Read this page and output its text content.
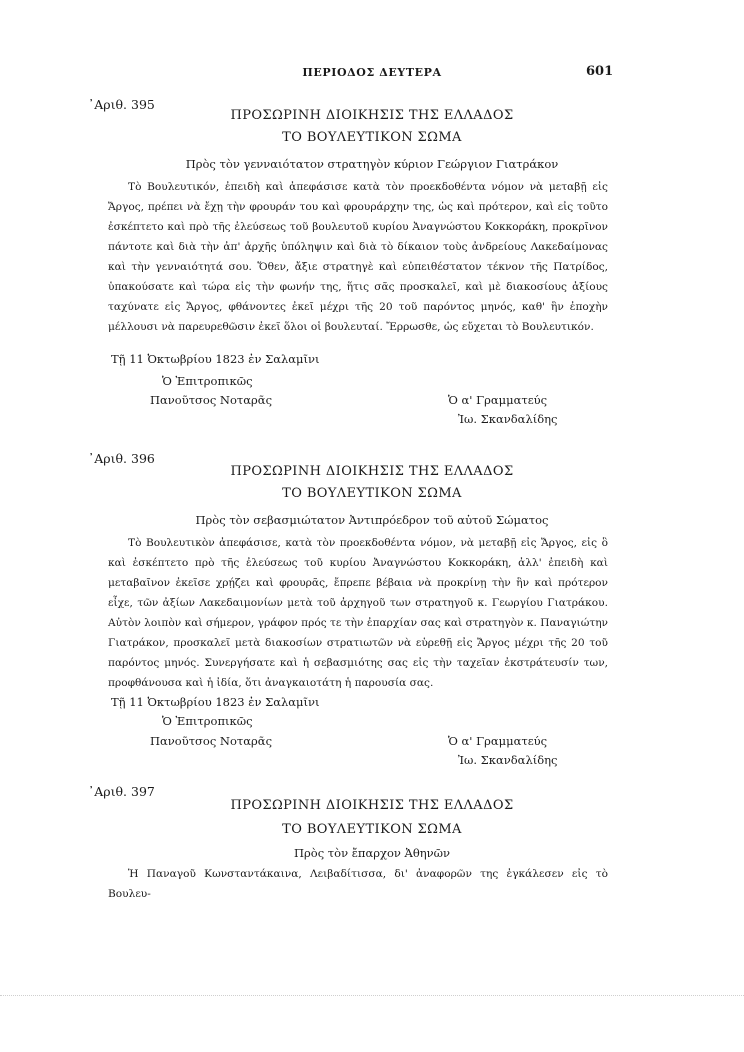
ΠΕΡΙΟΔΟΣ ΔΕΥΤΕΡΑ	601
᾿Αριθ. 395
ΠΡΟΣΩΡΙΝΗ ΔΙΟΙΚΗΣΙΣ ΤΗΣ ΕΛΛΑΔΟΣ
ΤΟ ΒΟΥΛΕΥΤΙΚΟΝ ΣΩΜΑ
Πρὸς τὸν γενναιότατον στρατηγὸν κύριον Γεώργιον Γιατράκον

Τὸ Βουλευτικόν, ἐπειδὴ καὶ ἀπεφάσισε κατὰ τὸν προεκδοθέντα νόμον νὰ μεταβῇ εἰς Ἄργος, πρέπει νὰ ἔχῃ τὴν φρουράν του καὶ φρουράρχην της, ὡς καὶ πρότερον, καὶ εἰς τοῦτο ἐσκέπτετο καὶ πρὸ τῆς ἐλεύσεως τοῦ βουλευτοῦ κυρίου Ἀναγνώστου Κοκκοράκη, προκρῖνον πάντοτε καὶ διὰ τὴν ἀπ' ἀρχῆς ὑπόληψιν καὶ διὰ τὸ δίκαιον τοὺς ἀνδρείους Λακεδαίμονας καὶ τὴν γενναιότητά σου. Ὅθεν, ἄξιε στρατηγὲ καὶ εὐπειθέστατον τέκνον τῆς Πατρίδος, ὑπακούσατε καὶ τώρα εἰς τὴν φωνήν της, ἥτις σᾶς προσκαλεῖ, καὶ μὲ διακοσίους ἀξίους ταχύνατε εἰς Ἄργος, φθάνοντες ἐκεῖ μέχρι τῆς 20 τοῦ παρόντος μηνός, καθ' ἣν ἐποχὴν μέλλουσι νὰ παρευρεθῶσιν ἐκεῖ ὅλοι οἱ βουλευταί. Ἔρρωσθε, ὡς εὔχεται τὸ Βουλευτικόν.

Τῇ 11 Ὀκτωβρίου 1823 ἐν Σαλαμῖνι
Ὁ Ἐπιτροπικῶς
Πανοῦτσος Νοταρᾶς	Ὁ α' Γραμματεύς
Ἰω. Σκανδαλίδης
᾿Αριθ. 396
ΠΡΟΣΩΡΙΝΗ ΔΙΟΙΚΗΣΙΣ ΤΗΣ ΕΛΛΑΔΟΣ
ΤΟ ΒΟΥΛΕΥΤΙΚΟΝ ΣΩΜΑ
Πρὸς τὸν σεβασμιώτατον Ἀντιπρόεδρον τοῦ αὐτοῦ Σώματος

Τὸ Βουλευτικὸν ἀπεφάσισε, κατὰ τὸν προεκδοθέντα νόμον, νὰ μεταβῇ εἰς Ἄργος, εἰς ὃ καὶ ἐσκέπτετο πρὸ τῆς ἐλεύσεως τοῦ κυρίου Ἀναγνώστου Κοκκοράκη, ἀλλ' ἐπειδὴ καὶ μεταβαῖνον ἐκεῖσε χρῄζει καὶ φρουρᾶς, ἔπρεπε βέβαια νὰ προκρίνῃ τὴν ἣν καὶ πρότερον εἶχε, τῶν ἀξίων Λακεδαιμονίων μετὰ τοῦ ἀρχηγοῦ των στρατηγοῦ κ. Γεωργίου Γιατράκου. Αὐτὸν λοιπὸν καὶ σήμερον, γράφον πρός τε τὴν ἐπαρχίαν σας καὶ στρατηγὸν κ. Παναγιώτην Γιατράκον, προσκαλεῖ μετὰ διακοσίων στρατιωτῶν νὰ εὑρεθῇ εἰς Ἄργος μέχρι τῆς 20 τοῦ παρόντος μηνός. Συνεργήσατε καὶ ἡ σεβασμιότης σας εἰς τὴν ταχεῖαν ἐκστράτευσίν των, προφθάνουσα καὶ ἡ ἰδία, ὅτι ἀναγκαιοτάτη ἡ παρουσία σας.

Τῇ 11 Ὀκτωβρίου 1823 ἐν Σαλαμῖνι
Ὁ Ἐπιτροπικῶς
Πανοῦτσος Νοταρᾶς	Ὁ α' Γραμματεύς
Ἰω. Σκανδαλίδης
᾿Αριθ. 397
ΠΡΟΣΩΡΙΝΗ ΔΙΟΙΚΗΣΙΣ ΤΗΣ ΕΛΛΑΔΟΣ
ΤΟ ΒΟΥΛΕΥΤΙΚΟΝ ΣΩΜΑ
Πρὸς τὸν ἔπαρχον Ἀθηνῶν

Ἡ Παναγοῦ Κωνσταντάκαινα, Λειβαδίτισσα, δι' ἀναφορῶν της ἐγκάλεσεν εἰς τὸ Βουλευ-
